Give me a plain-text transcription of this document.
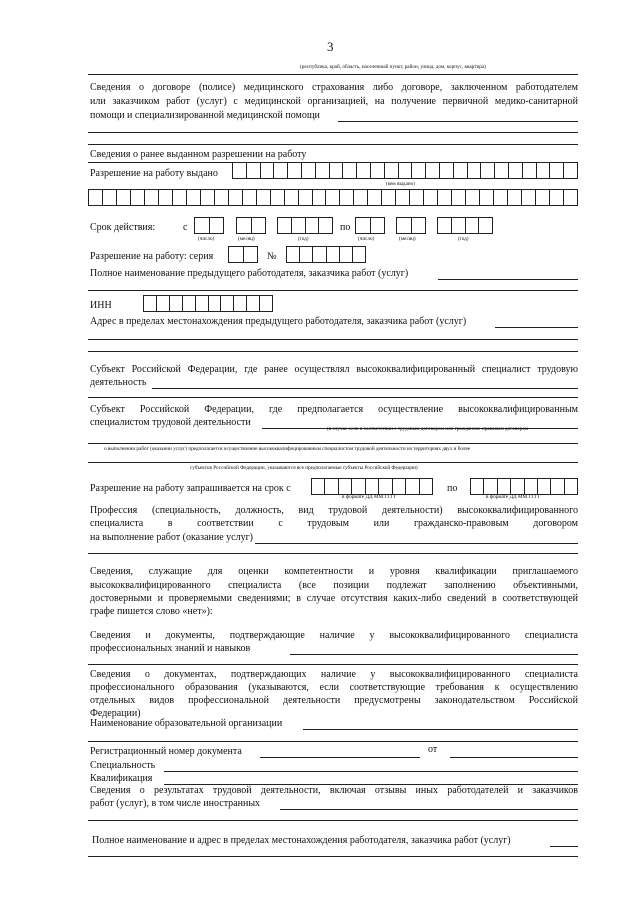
3
(республика, край, область, населенный пункт, район, улица, дом, корпус, квартира)
Сведения о договоре (полисе) медицинского страхования либо договоре, заключенном работодателем
или заказчиком работ (услуг) с медицинской организацией, на получение первичной медико-санитарной
помощи и специализированной медицинской помощи
Сведения о ранее выданном разрешении на работу
Разрешение на работу выдано
(кем выдано)
Срок действия:	с	по
(число)	(месяц)	(год)	(число)	(месяц)	(год)
Разрешение на работу: серия	№
Полное наименование предыдущего работодателя, заказчика работ (услуг)
ИНН
Адрес в пределах местонахождения предыдущего работодателя, заказчика работ (услуг)
Субъект Российской Федерации, где ранее осуществлял высококвалифицированный специалист трудовую
деятельность
Субъект Российской Федерации, где предполагается осуществление высококвалифицированным
специалистом трудовой деятельности
(в случае если в соответствии с трудовым договором или гражданско-правовым договором
о выполнении работ (оказании услуг) предполагается осуществление высококвалифицированным специалистом трудовой деятельности на территориях двух и более
субъектов Российской Федерации, указываются все предполагаемые субъекты Российской Федерации)
Разрешение на работу запрашивается на срок с	по
в формате ДД ММ ГГГГ	в формате ДД ММ ГГГГ
Профессия (специальность, должность, вид трудовой деятельности) высококвалифицированного
специалиста в соответствии с трудовым или гражданско-правовым договором
на выполнение работ (оказание услуг)
Сведения, служащие для оценки компетентности и уровня квалификации приглашаемого
высококвалифицированного специалиста (все позиции подлежат заполнению объективными,
достоверными и проверяемыми сведениями; в случае отсутствия каких-либо сведений в соответствующей
графе пишется слово «нет»):
Сведения и документы, подтверждающие наличие у высококвалифицированного специалиста
профессиональных знаний и навыков
Сведения о документах, подтверждающих наличие у высококвалифицированного специалиста
профессионального образования (указываются, если соответствующие требования к осуществлению
отдельных видов профессиональной деятельности предусмотрены законодательством Российской
Федерации)
Наименование образовательной организации
Регистрационный номер документа	от
Специальность
Квалификация
Сведения о результатах трудовой деятельности, включая отзывы иных работодателей и заказчиков
работ (услуг), в том числе иностранных
Полное наименование и адрес в пределах местонахождения работодателя, заказчика работ (услуг)
